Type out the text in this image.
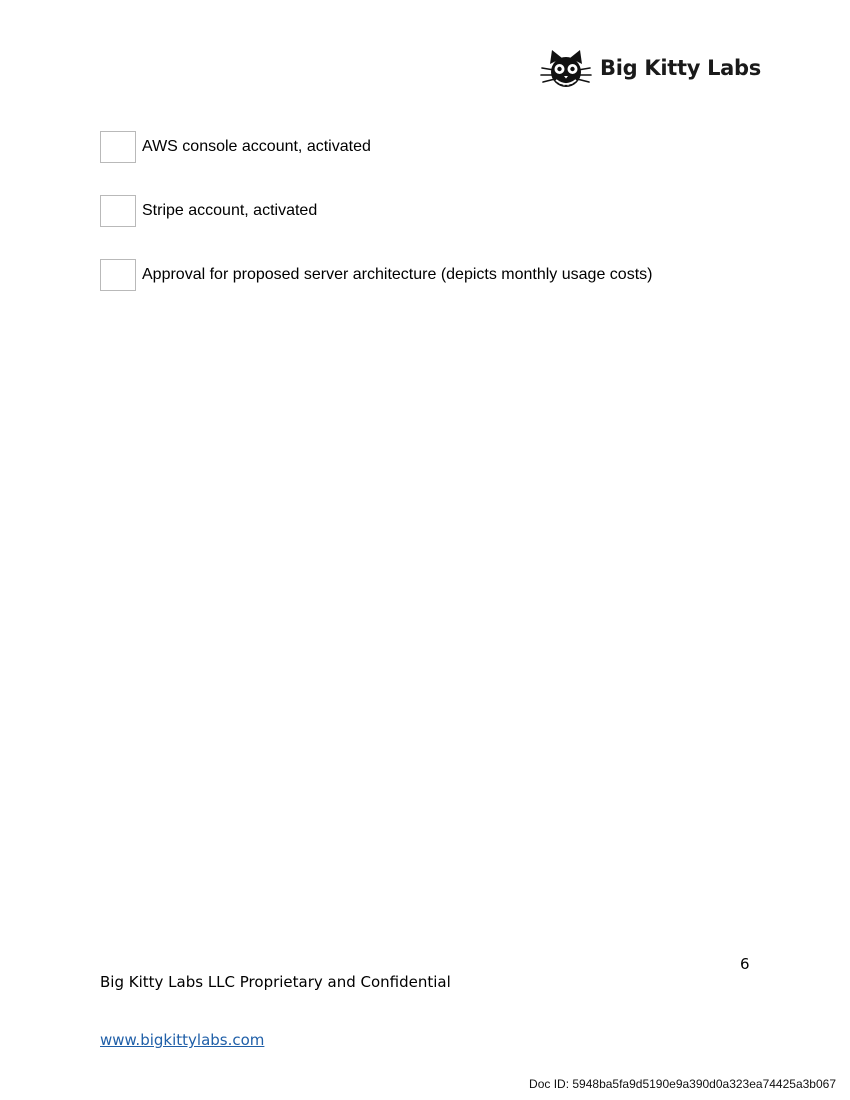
Big Kitty Labs
AWS console account, activated
Stripe account, activated
Approval for proposed server architecture (depicts monthly usage costs)
6
Big Kitty Labs LLC Proprietary and Confidential
www.bigkittylabs.com
Doc ID: 5948ba5fa9d5190e9a390d0a323ea74425a3b067
